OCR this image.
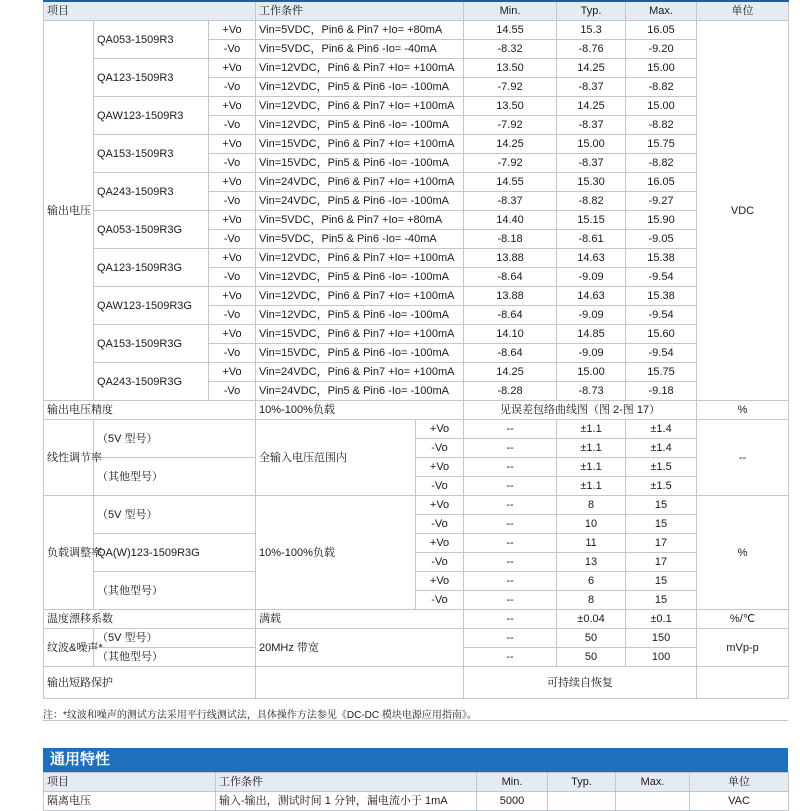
项目			工作条件		Min.	Typ.	Max.	单位
输出电压	QA053-1509R3	+Vo	Vin=5VDC，Pin6 & Pin7 +Io= +80mA		14.55	15.3	16.05	VDC
		-Vo	Vin=5VDC，Pin6 & Pin6 -Io= -40mA		-8.32	-8.76	-9.20	
	QA123-1509R3	+Vo	Vin=12VDC，Pin6 & Pin7 +Io= +100mA		13.50	14.25	15.00	
		-Vo	Vin=12VDC，Pin5 & Pin6 -Io= -100mA		-7.92	-8.37	-8.82	
	QAW123-1509R3	+Vo	Vin=12VDC，Pin6 & Pin7 +Io= +100mA		13.50	14.25	15.00	
		-Vo	Vin=12VDC，Pin5 & Pin6 -Io= -100mA		-7.92	-8.37	-8.82	
	QA153-1509R3	+Vo	Vin=15VDC，Pin6 & Pin7 +Io= +100mA		14.25	15.00	15.75	
		-Vo	Vin=15VDC，Pin5 & Pin6 -Io= -100mA		-7.92	-8.37	-8.82	
	QA243-1509R3	+Vo	Vin=24VDC，Pin6 & Pin7 +Io= +100mA		14.55	15.30	16.05	
		-Vo	Vin=24VDC，Pin5 & Pin6 -Io= -100mA		-8.37	-8.82	-9.27	
	QA053-1509R3G	+Vo	Vin=5VDC，Pin6 & Pin7 +Io= +80mA		14.40	15.15	15.90	
		-Vo	Vin=5VDC，Pin5 & Pin6 -Io= -40mA		-8.18	-8.61	-9.05	
	QA123-1509R3G	+Vo	Vin=12VDC，Pin6 & Pin7 +Io= +100mA		13.88	14.63	15.38	
		-Vo	Vin=12VDC，Pin5 & Pin6 -Io= -100mA		-8.64	-9.09	-9.54	
	QAW123-1509R3G	+Vo	Vin=12VDC，Pin6 & Pin7 +Io= +100mA		13.88	14.63	15.38	
		-Vo	Vin=12VDC，Pin5 & Pin6 -Io= -100mA		-8.64	-9.09	-9.54	
	QA153-1509R3G	+Vo	Vin=15VDC，Pin6 & Pin7 +Io= +100mA		14.10	14.85	15.60	
		-Vo	Vin=15VDC，Pin5 & Pin6 -Io= -100mA		-8.64	-9.09	-9.54	
	QA243-1509R3G	+Vo	Vin=24VDC，Pin6 & Pin7 +Io= +100mA		14.25	15.00	15.75	
		-Vo	Vin=24VDC，Pin5 & Pin6 -Io= -100mA		-8.28	-8.73	-9.18	
输出电压精度			10%-100%负载		见误差包络曲线图（图 2-图 17）			%
线性调节率	（5V 型号）		全输入电压范围内	+Vo	--	±1.1	±1.4	--
				-Vo	--	±1.1	±1.4	
	（其他型号）			+Vo	--	±1.1	±1.5	
				-Vo	--	±1.1	±1.5	
负载调整率	（5V 型号）		10%-100%负载	+Vo	--	8	15	%
				-Vo	--	10	15	
	QA(W)123-1509R3G			+Vo	--	11	17	
				-Vo	--	13	17	
	（其他型号）			+Vo	--	6	15	
				-Vo	--	8	15	
温度漂移系数			满载		--	±0.04	±0.1	%/℃
纹波&噪声*	（5V 型号）		20MHz 带宽		--	50	150	mVp-p
	（其他型号）				--	50	100	
输出短路保护					可持续自恢复			
注：*纹波和噪声的测试方法采用平行线测试法，具体操作方法参见《DC-DC 模块电源应用指南》。
通用特性
项目	工作条件	Min.	Typ.	Max.	单位
隔离电压	输入-输出，测试时间 1 分钟，漏电流小于 1mA	5000			VAC
